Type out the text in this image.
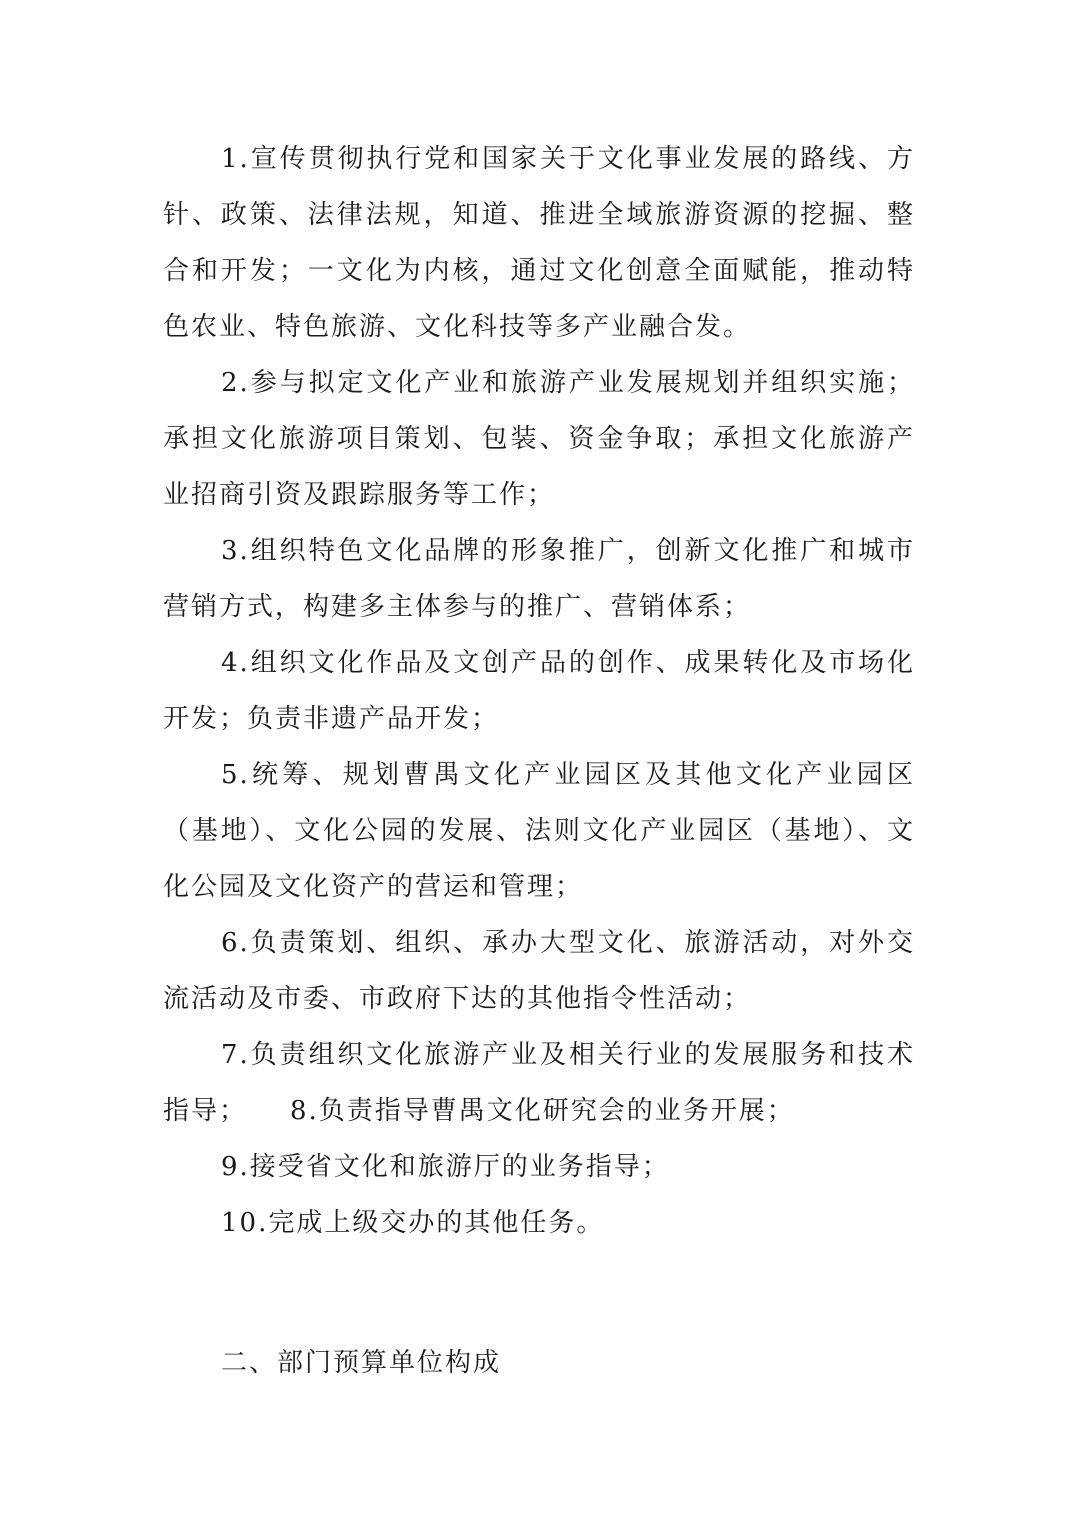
1.宣传贯彻执行党和国家关于文化事业发展的路线、方针、政策、法律法规，知道、推进全域旅游资源的挖掘、整合和开发；一文化为内核，通过文化创意全面赋能，推动特色农业、特色旅游、文化科技等多产业融合发。

2.参与拟定文化产业和旅游产业发展规划并组织实施；承担文化旅游项目策划、包装、资金争取；承担文化旅游产业招商引资及跟踪服务等工作；

3.组织特色文化品牌的形象推广，创新文化推广和城市营销方式，构建多主体参与的推广、营销体系；

4.组织文化作品及文创产品的创作、成果转化及市场化开发；负责非遗产品开发；

5.统筹、规划曹禺文化产业园区及其他文化产业园区（基地）、文化公园的发展、法则文化产业园区（基地）、文化公园及文化资产的营运和管理；

6.负责策划、组织、承办大型文化、旅游活动，对外交流活动及市委、市政府下达的其他指令性活动；

7.负责组织文化旅游产业及相关行业的发展服务和技术指导；　　8.负责指导曹禺文化研究会的业务开展；

9.接受省文化和旅游厅的业务指导；

10.完成上级交办的其他任务。

二、部门预算单位构成
